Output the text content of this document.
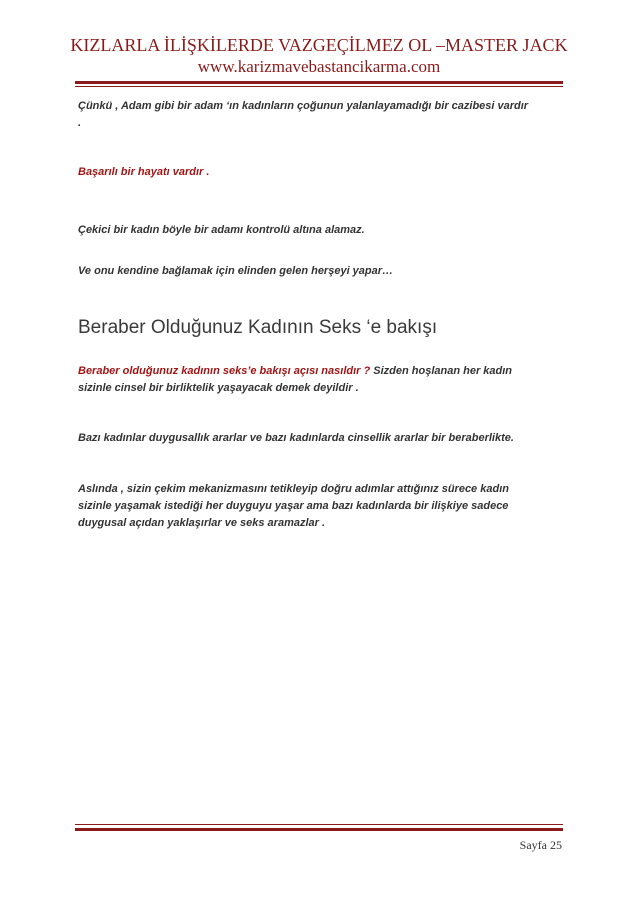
KIZLARLA İLİŞKİLERDE VAZGEÇİLMEZ OL –MASTER JACK
www.karizmavebastancikarma.com
Çünkü , Adam gibi bir adam ‘ın kadınların çoğunun yalanlayamadığı bir cazibesi vardır
.
Başarılı bir hayatı vardır .
Çekici bir kadın böyle bir adamı kontrolü altına alamaz.
Ve onu kendine bağlamak için elinden gelen herşeyi yapar…
Beraber Olduğunuz Kadının Seks ‘e bakışı
Beraber olduğunuz kadının seks’e bakışı açısı nasıldır ? Sizden hoşlanan her kadın
sizinle cinsel bir birliktelik yaşayacak demek deyildir .
Bazı kadınlar duygusallık ararlar ve bazı kadınlarda cinsellik ararlar bir beraberlikte.
Aslında , sizin çekim mekanizmasını tetikleyip doğru adımlar attığınız sürece kadın
sizinle yaşamak istediği her duyguyu yaşar ama bazı kadınlarda bir ilişkiye sadece
duygusal açıdan yaklaşırlar ve seks aramazlar .
Sayfa 25
